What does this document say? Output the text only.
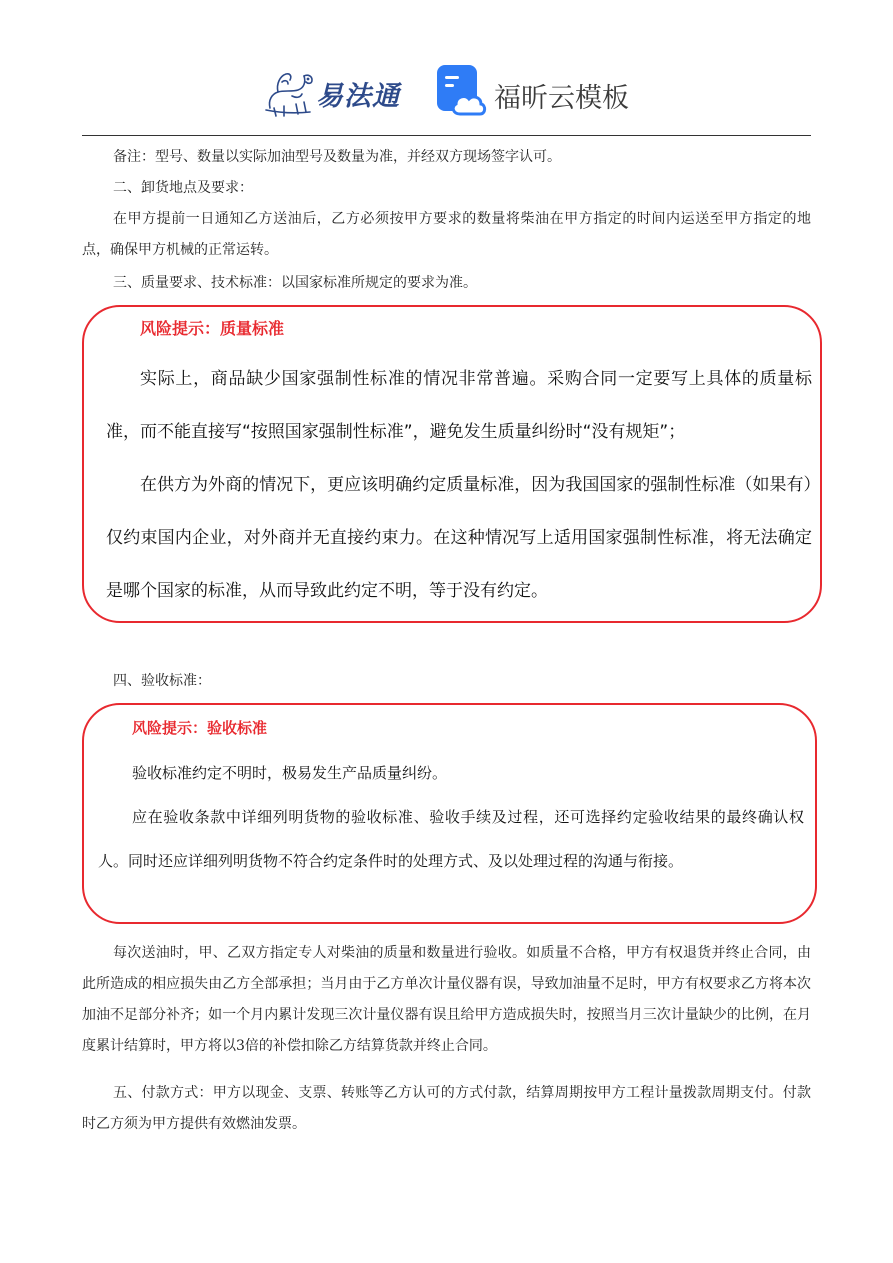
易法通	福昕云模板

备注：型号、数量以实际加油型号及数量为准，并经双方现场签字认可。

二、卸货地点及要求：

在甲方提前一日通知乙方送油后，乙方必须按甲方要求的数量将柴油在甲方指定的时间内运送至甲方指定的地点，确保甲方机械的正常运转。

三、质量要求、技术标准：以国家标准所规定的要求为准。

风险提示：质量标准

实际上，商品缺少国家强制性标准的情况非常普遍。采购合同一定要写上具体的质量标准，而不能直接写“按照国家强制性标准”，避免发生质量纠纷时“没有规矩”；

在供方为外商的情况下，更应该明确约定质量标准，因为我国国家的强制性标准（如果有）仅约束国内企业，对外商并无直接约束力。在这种情况写上适用国家强制性标准，将无法确定是哪个国家的标准，从而导致此约定不明，等于没有约定。

四、验收标准：

风险提示：验收标准

验收标准约定不明时，极易发生产品质量纠纷。

应在验收条款中详细列明货物的验收标准、验收手续及过程，还可选择约定验收结果的最终确认权人。同时还应详细列明货物不符合约定条件时的处理方式、及以处理过程的沟通与衔接。

每次送油时，甲、乙双方指定专人对柴油的质量和数量进行验收。如质量不合格，甲方有权退货并终止合同，由此所造成的相应损失由乙方全部承担；当月由于乙方单次计量仪器有误，导致加油量不足时，甲方有权要求乙方将本次加油不足部分补齐；如一个月内累计发现三次计量仪器有误且给甲方造成损失时，按照当月三次计量缺少的比例，在月度累计结算时，甲方将以3倍的补偿扣除乙方结算货款并终止合同。

五、付款方式：甲方以现金、支票、转账等乙方认可的方式付款，结算周期按甲方工程计量拨款周期支付。付款时乙方须为甲方提供有效燃油发票。
